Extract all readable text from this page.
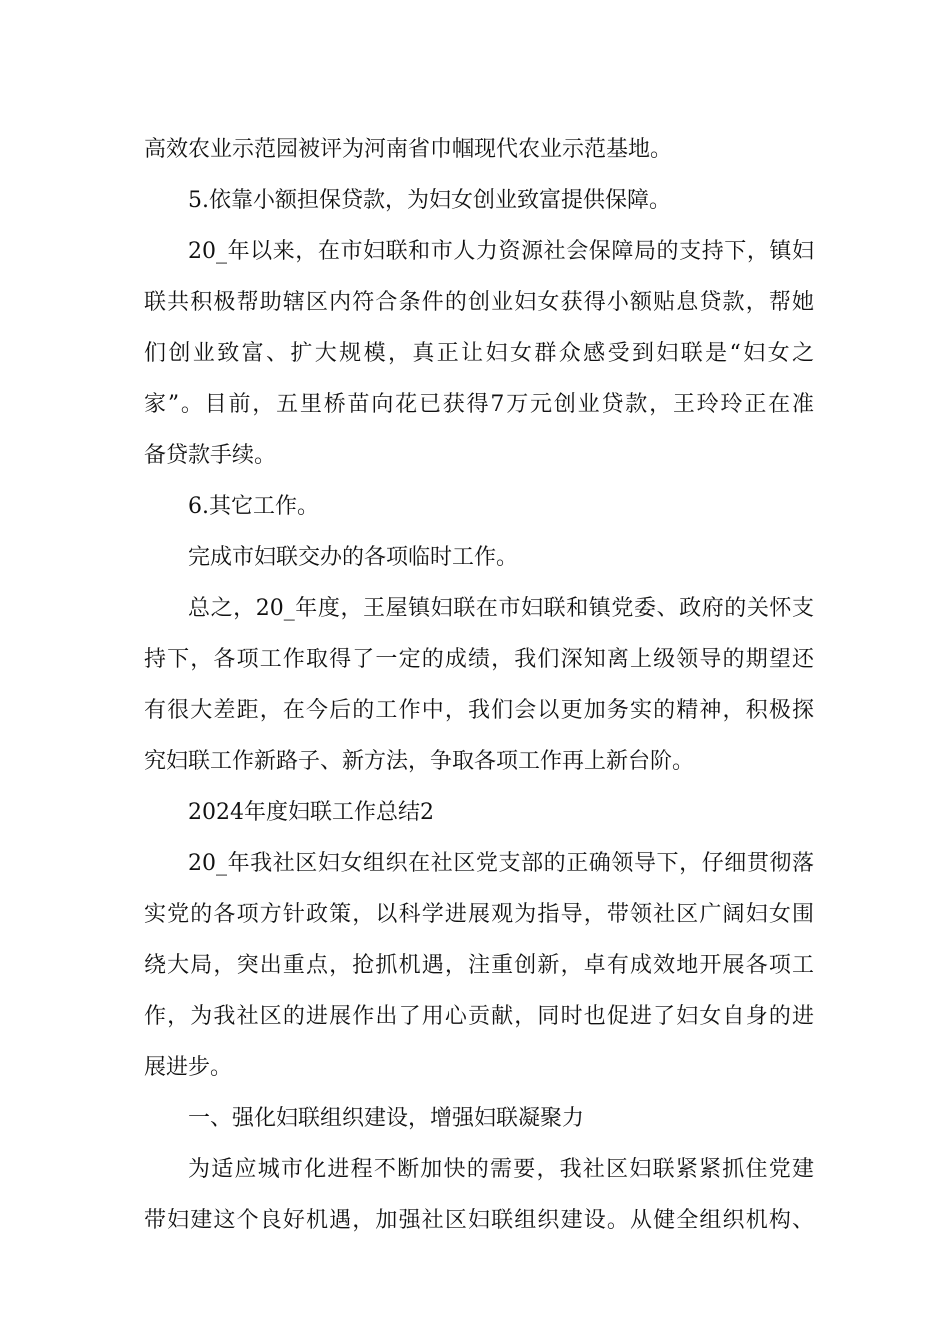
高效农业示范园被评为河南省巾帼现代农业示范基地。
5.依靠小额担保贷款，为妇女创业致富提供保障。
20_年以来，在市妇联和市人力资源社会保障局的支持下，镇妇
联共积极帮助辖区内符合条件的创业妇女获得小额贴息贷款，帮她
们创业致富、扩大规模，真正让妇女群众感受到妇联是“妇女之
家”。目前，五里桥苗向花已获得7万元创业贷款，王玲玲正在准
备贷款手续。
6.其它工作。
完成市妇联交办的各项临时工作。
总之，20_年度，王屋镇妇联在市妇联和镇党委、政府的关怀支
持下，各项工作取得了一定的成绩，我们深知离上级领导的期望还
有很大差距，在今后的工作中，我们会以更加务实的精神，积极探
究妇联工作新路子、新方法，争取各项工作再上新台阶。
2024年度妇联工作总结2
20_年我社区妇女组织在社区党支部的正确领导下，仔细贯彻落
实党的各项方针政策，以科学进展观为指导，带领社区广阔妇女围
绕大局，突出重点，抢抓机遇，注重创新，卓有成效地开展各项工
作，为我社区的进展作出了用心贡献，同时也促进了妇女自身的进
展进步。
一、强化妇联组织建设，增强妇联凝聚力
为适应城市化进程不断加快的需要，我社区妇联紧紧抓住党建
带妇建这个良好机遇，加强社区妇联组织建设。从健全组织机构、
